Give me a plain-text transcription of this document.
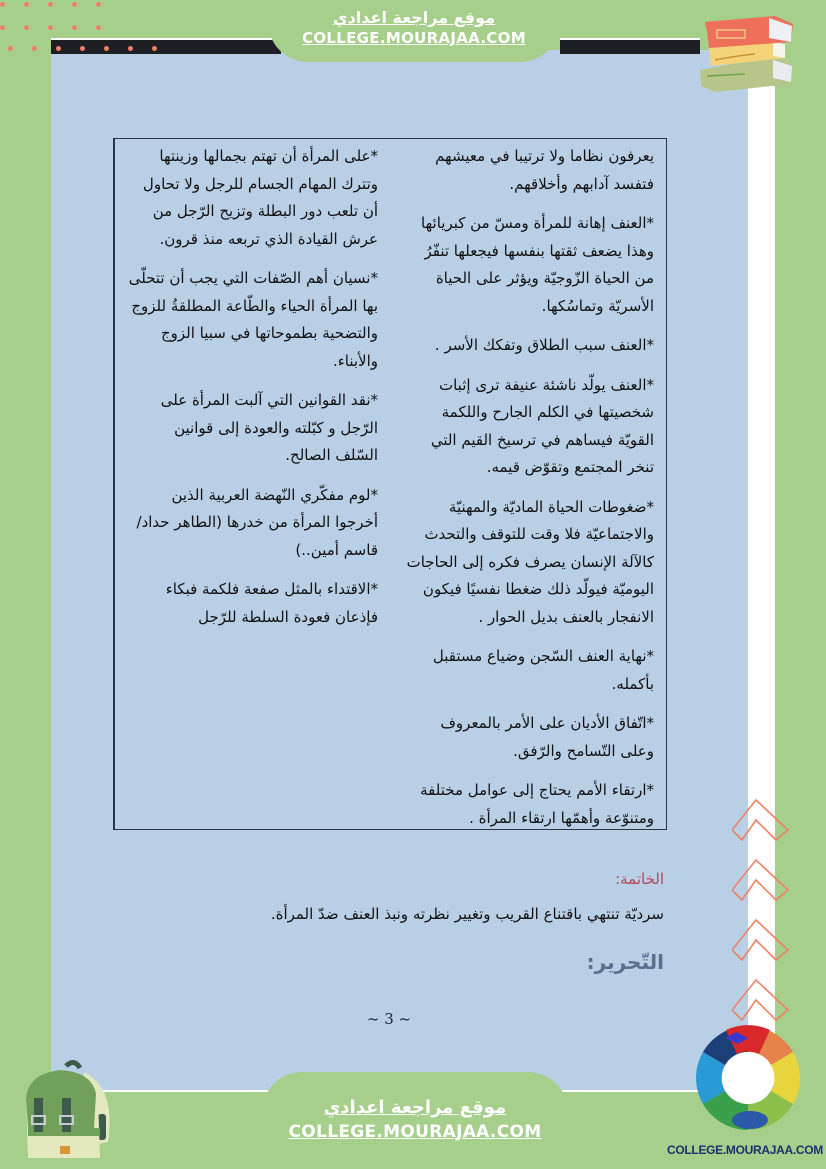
موقع مراجعة اعدادي
COLLEGE.MOURAJAA.COM

*على المرأة أن تهتم بجمالها وزينتها وتترك المهام الجسام للرجل ولا تحاول أن تلعب دور البطلة وتزيح الرّجل من عرش القيادة الذي تربعه منذ قرون.

*نسيان أهم الصّفات التي يجب أن تتحلّى بها المرأة الحياء والطّاعة المطلقةُ للزوج والتضحية بطموحاتها في سبيا الزوج والأبناء.

*نقد القوانين التي آلبت المرأة على الرّجل و كبّلته والعودة إلى قوانين السّلف الصالح.

*لوم مفكّري النّهضة العربية الذين أخرجوا المرأة من خدرها (الطاهر حداد/قاسم أمين..)

*الاقتداء بالمثل صفعة فلكمة فبكاء فإذعان فعودة السلطة للرّجل

يعرفون نظاما ولا ترتيبا في معيشهم فتفسد آدابهم وأخلاقهم.

*العنف إهانة للمرأة ومسّ من كبريائها وهذا يضعف ثقتها بنفسها فيجعلها تنفّرُ من الحياة الزّوجيّة ويؤثر على الحياة الأسريّة وتماسُكها.

*العنف سبب الطلاق وتفكك الأسر .

*العنف يولّد ناشئة عنيفة ترى إثبات شخصيتها في الكلم الجارح واللكمة القويّة فيساهم في ترسيخ القيم التي تنخر المجتمع وتقوّض قيمه.

*ضغوطات الحياة الماديّة والمهنيّة والاجتماعيّة فلا وقت للتوقف والتحدث كالآلة الإنسان يصرف فكره إلى الحاجات اليوميّة فيولّد ذلك ضغطا نفسيًا فيكون الانفجار بالعنف بديل الحوار .

*نهاية العنف السّجن وضياع مستقبل بأكمله.

*اتّفاق الأديان على الأمر بالمعروف وعلى التّسامح والرّفق.

*ارتقاء الأمم يحتاج إلى عوامل مختلفة ومتنوّعة وأهمّها ارتقاء المرأة .

الخاتمة:
سرديّة تنتهي باقتناع القريب وتغيير نظرته ونبذ العنف ضدّ المرأة.
التّحرير:
~ 3 ~
COLLEGE.MOURAJAA.COM
موقع مراجعة اعدادي
COLLEGE.MOURAJAA.COM
